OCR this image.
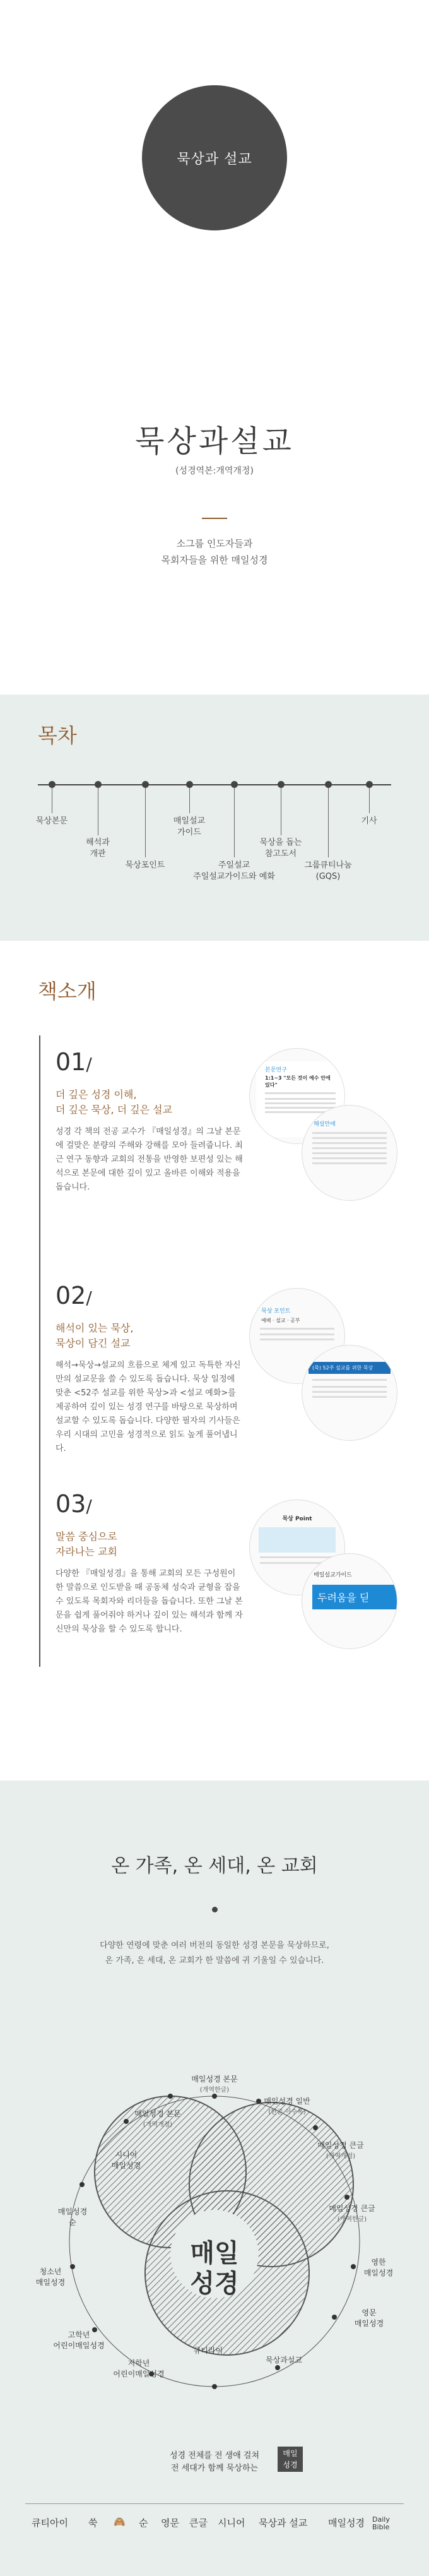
묵상과 설교
묵상과설교
(성경역본:개역개정)
소그룹 인도자들과
목회자들을 위한 매일성경
목차
묵상본문
해석과
개관
묵상포인트
매일설교
가이드
주일설교
주일설교가이드와 예화
묵상을 돕는
참고도서
그룹큐티나눔
(GQS)
기사
책소개
01/
더 깊은 성경 이해,
더 깊은 묵상, 더 깊은 설교
성경 각 책의 전공 교수가 『매일성경』의 그날 본문에 걸맞은 분량의 주해와 강해를 모아 들려줍니다. 최근 연구 동향과 교회의 전통을 반영한 보편성 있는 해석으로 본문에 대한 깊이 있고 올바른 이해와 적용을 돕습니다.
본문연구
1:1~3 "모든 것이 예수 안에 있다"
해설안에
02/
해석이 있는 묵상,
묵상이 담긴 설교
해석→묵상→설교의 흐름으로 체계 있고 독특한 자신만의 설교문을 쓸 수 있도록 돕습니다. 묵상 일정에 맞춘 <52주 설교를 위한 묵상>과 <설교 예화>를 제공하여 깊이 있는 성경 연구를 바탕으로 묵상하며 설교할 수 있도록 돕습니다. 다양한 필자의 기사들은 우리 시대의 고민을 성경적으로 읽도 높게 풀어냅니다.
묵상 포인트
예배 · 설교 · 공부
(묵) 52주 설교를 위한 묵상
03/
말씀 중심으로
자라나는 교회
다양한 『매일성경』을 통해 교회의 모든 구성원이 한 말씀으로 인도받을 때 공동체 성숙과 균형을 잡을 수 있도록 목회자와 리더들을 돕습니다. 또한 그날 본문을 쉽게 풀어줘야 하거나 깊이 있는 해석과 함께 자신만의 묵상을 할 수 있도록 합니다.
묵상 Point
매일설교가이드
두려움을 딛
온 가족, 온 세대, 온 교회
다양한 연령에 맞춘 여러 버전의 동일한 성경 본문을 묵상하므로,
온 가족, 온 세대, 온 교회가 한 말씀에 귀 기울일 수 있습니다.
매일
성경
매일성경 본문
(개역한글)
매일성경 일반
(한글 이수폭)
매일성경 큰글
(개역개정)
매일성경 큰글
(개역한글)
영한
매일성경
영문
매일성경
묵상과설교
큐티라이
저학년
어린이매일성경
고학년
어린이매일성경
청소년
매일성경
매일성경
순
시니어
매일성경
매일성경 본문
(개역개정)
성경 전체를 전 생애 걸쳐
전 세대가 함께 묵상하는
매일
성경
큐티아이 쑥 🙈 순 영문 큰글 시니어 묵상과 설교 매일성경 Daily Bible
